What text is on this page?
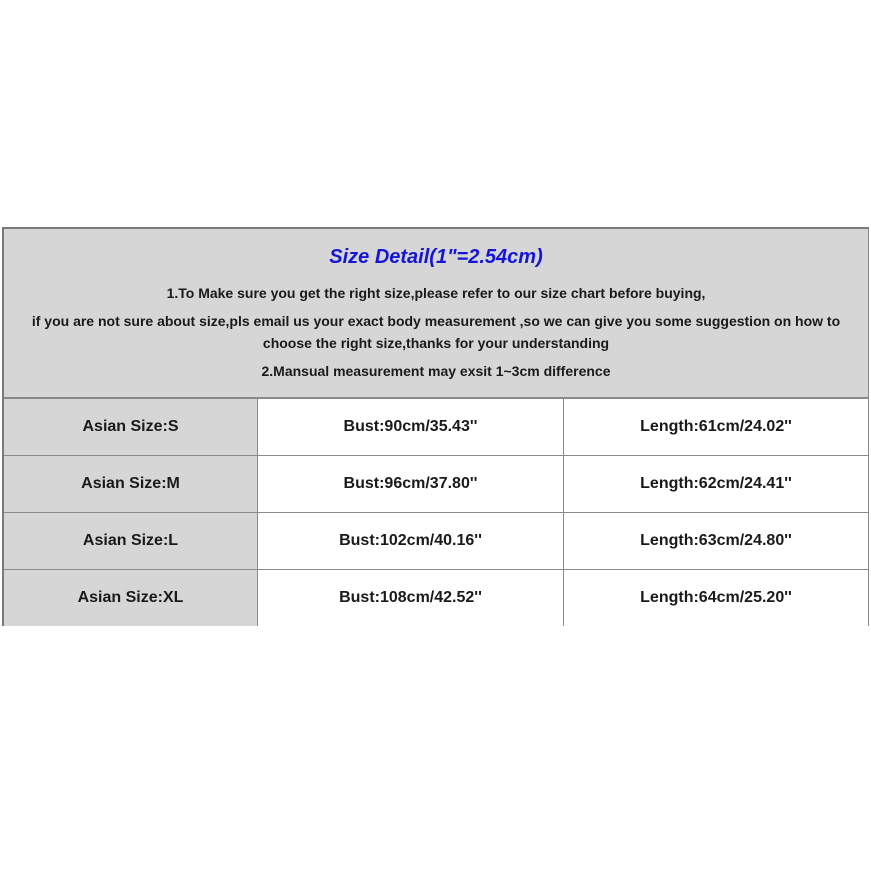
Size Detail(1"=2.54cm)
1.To Make sure you get the right size,please refer to our size chart before buying,
if you are not sure about size,pls email us your exact body measurement ,so we can give you some suggestion on how to
choose the right size,thanks for your understanding
2.Mansual measurement may exsit 1~3cm difference
Asian Size:S	Bust:90cm/35.43''	Length:61cm/24.02''
Asian Size:M	Bust:96cm/37.80''	Length:62cm/24.41''
Asian Size:L	Bust:102cm/40.16''	Length:63cm/24.80''
Asian Size:XL	Bust:108cm/42.52''	Length:64cm/25.20''
